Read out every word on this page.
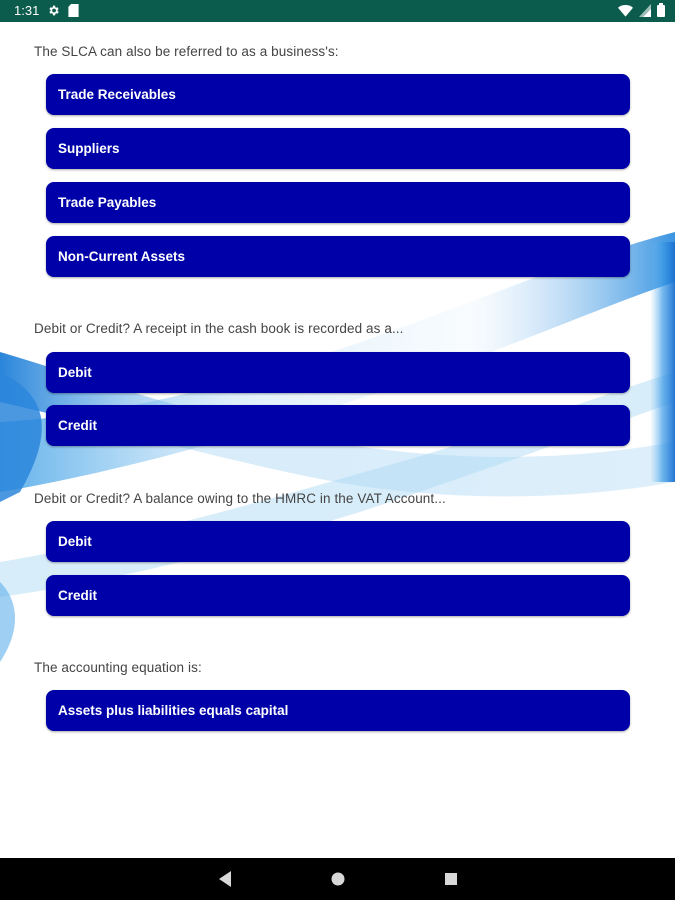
1:31
The SLCA can also be referred to as a business's:
Trade Receivables
Suppliers
Trade Payables
Non-Current Assets
Debit or Credit? A receipt in the cash book is recorded as a...
Debit
Credit
Debit or Credit? A balance owing to the HMRC in the VAT Account...
Debit
Credit
The accounting equation is:
Assets plus liabilities equals capital
